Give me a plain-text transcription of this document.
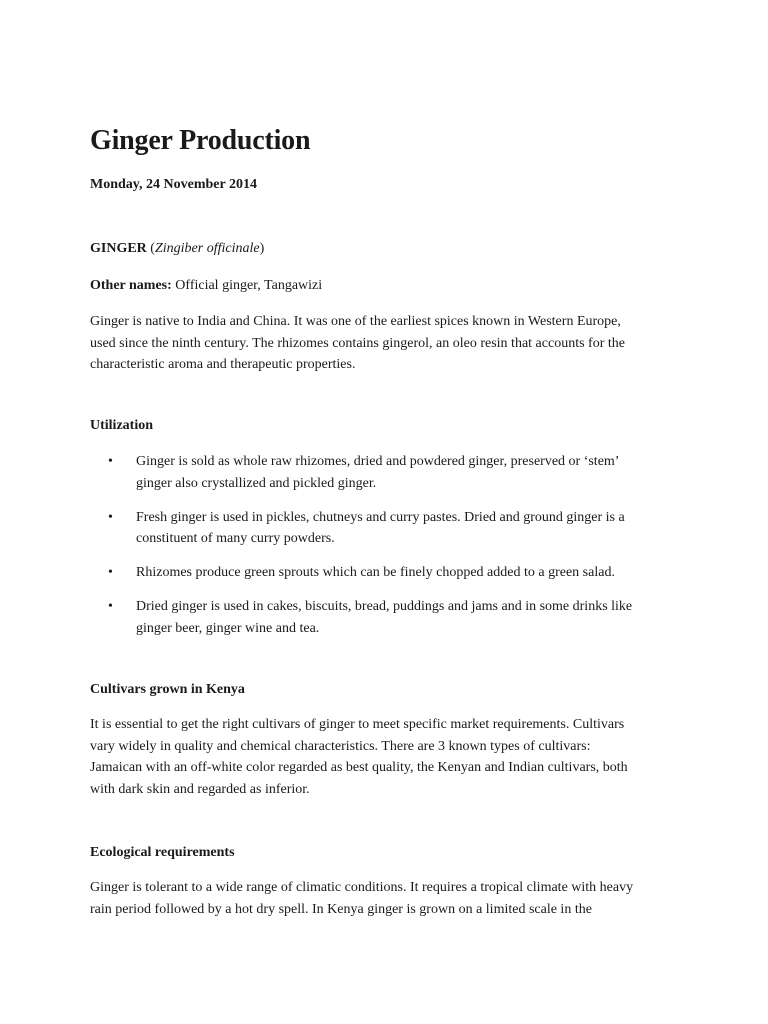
Ginger Production
Monday, 24 November 2014
GINGER (Zingiber officinale)
Other names: Official ginger, Tangawizi

Ginger is native to India and China. It was one of the earliest spices known in Western Europe,
used since the ninth century. The rhizomes contains gingerol, an oleo resin that accounts for the
characteristic aroma and therapeutic properties.

Utilization
• Ginger is sold as whole raw rhizomes, dried and powdered ginger, preserved or ‘stem’
ginger also crystallized and pickled ginger.
• Fresh ginger is used in pickles, chutneys and curry pastes. Dried and ground ginger is a
constituent of many curry powders.
• Rhizomes produce green sprouts which can be finely chopped added to a green salad.
• Dried ginger is used in cakes, biscuits, bread, puddings and jams and in some drinks like
ginger beer, ginger wine and tea.
Cultivars grown in Kenya

It is essential to get the right cultivars of ginger to meet specific market requirements. Cultivars
vary widely in quality and chemical characteristics. There are 3 known types of cultivars:
Jamaican with an off-white color regarded as best quality, the Kenyan and Indian cultivars, both
with dark skin and regarded as inferior.

Ecological requirements

Ginger is tolerant to a wide range of climatic conditions. It requires a tropical climate with heavy
rain period followed by a hot dry spell. In Kenya ginger is grown on a limited scale in the
